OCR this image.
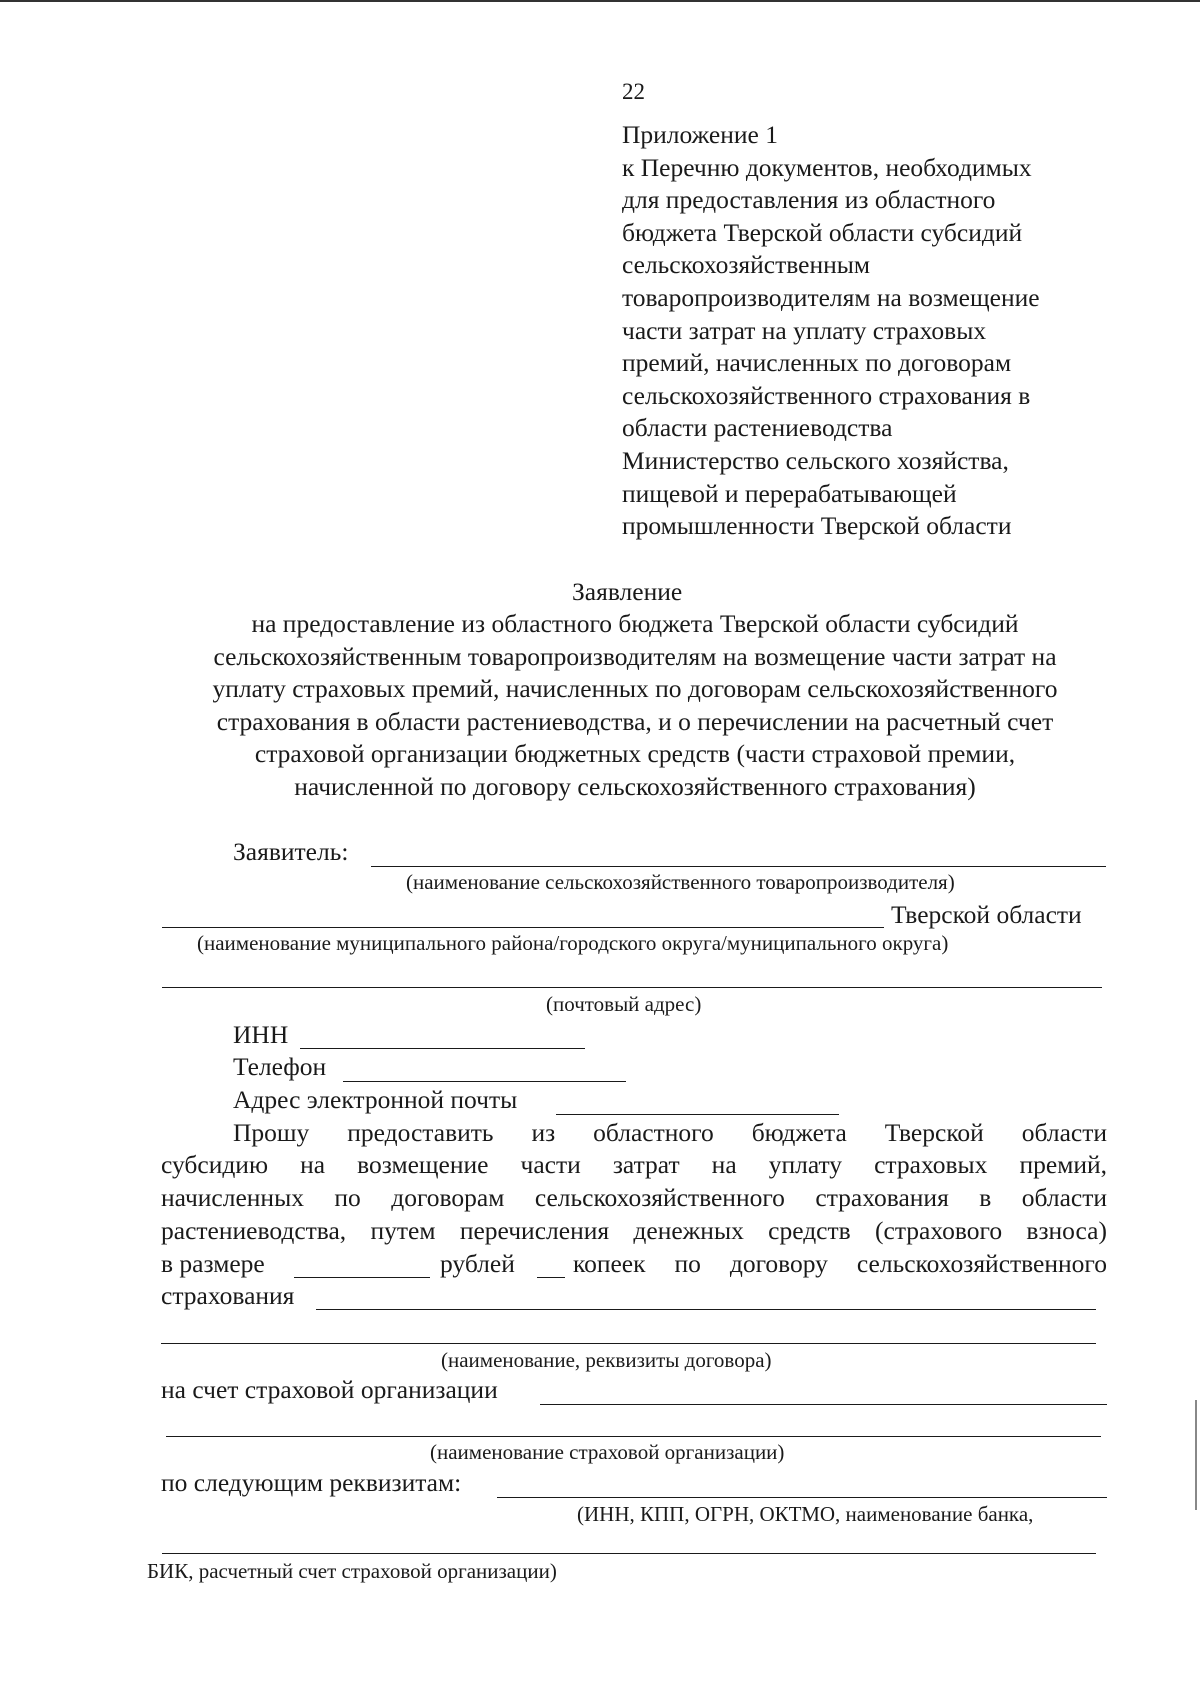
22
Приложение 1
к Перечню документов, необходимых
для предоставления из областного
бюджета Тверской области субсидий
сельскохозяйственным
товаропроизводителям на возмещение
части затрат на уплату страховых
премий, начисленных по договорам
сельскохозяйственного страхования в
области растениеводства
Министерство сельского хозяйства,
пищевой и перерабатывающей
промышленности Тверской области
Заявление
на предоставление из областного бюджета Тверской области субсидий
сельскохозяйственным товаропроизводителям на возмещение части затрат на
уплату страховых премий, начисленных по договорам сельскохозяйственного
страхования в области растениеводства, и о перечислении на расчетный счет
страховой организации бюджетных средств (части страховой премии,
начисленной по договору сельскохозяйственного страхования)
Заявитель:
(наименование сельскохозяйственного товаропроизводителя)
Тверской области
(наименование муниципального района/городского округа/муниципального округа)
(почтовый адрес)
ИНН
Телефон
Адрес электронной почты
Прошу предоставить из областного бюджета Тверской области
субсидию на возмещение части затрат на уплату страховых премий,
начисленных по договорам сельскохозяйственного страхования в области
растениеводства, путем перечисления денежных средств (страхового взноса)
в размере	рублей копеек по договору сельскохозяйственного
страхования
(наименование, реквизиты договора)
на счет страховой организации
(наименование страховой организации)
по следующим реквизитам:
(ИНН, КПП, ОГРН, ОКТМО, наименование банка,
БИК, расчетный счет страховой организации)
